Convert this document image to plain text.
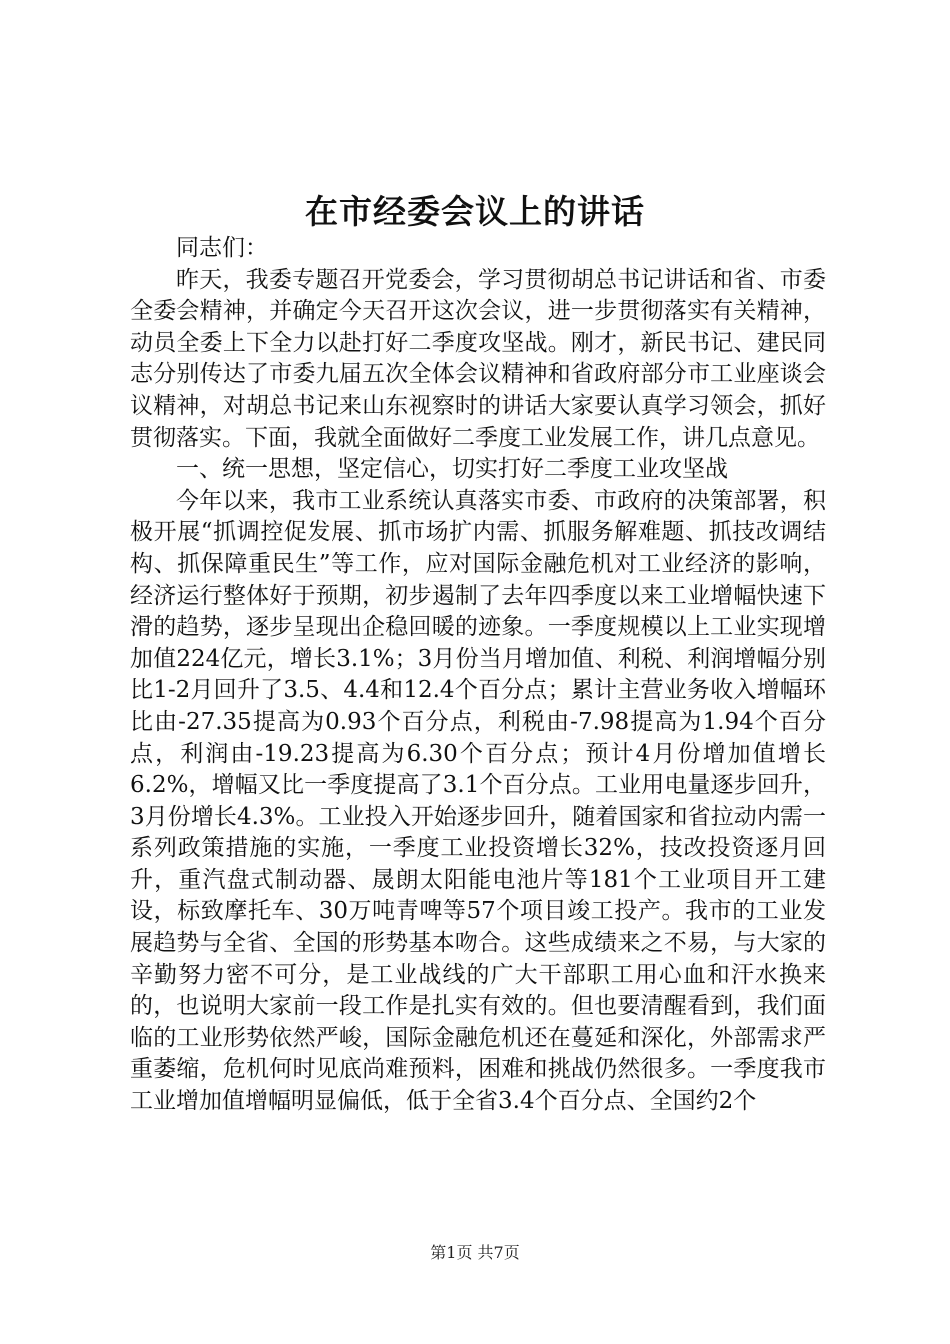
在市经委会议上的讲话

同志们：

昨天，我委专题召开党委会，学习贯彻胡总书记讲话和省、市委全委会精神，并确定今天召开这次会议，进一步贯彻落实有关精神，动员全委上下全力以赴打好二季度攻坚战。刚才，新民书记、建民同志分别传达了市委九届五次全体会议精神和省政府部分市工业座谈会议精神，对胡总书记来山东视察时的讲话大家要认真学习领会，抓好贯彻落实。下面，我就全面做好二季度工业发展工作，讲几点意见。

一、统一思想，坚定信心，切实打好二季度工业攻坚战

今年以来，我市工业系统认真落实市委、市政府的决策部署，积极开展“抓调控促发展、抓市场扩内需、抓服务解难题、抓技改调结构、抓保障重民生”等工作，应对国际金融危机对工业经济的影响，经济运行整体好于预期，初步遏制了去年四季度以来工业增幅快速下滑的趋势，逐步呈现出企稳回暖的迹象。一季度规模以上工业实现增加值224亿元，增长3.1%；3月份当月增加值、利税、利润增幅分别比1-2月回升了3.5、4.4和12.4个百分点；累计主营业务收入增幅环比由-27.35提高为0.93个百分点，利税由-7.98提高为1.94个百分点，利润由-19.23提高为6.30个百分点；预计4月份增加值增长6.2%，增幅又比一季度提高了3.1个百分点。工业用电量逐步回升，3月份增长4.3%。工业投入开始逐步回升，随着国家和省拉动内需一系列政策措施的实施，一季度工业投资增长32%，技改投资逐月回升，重汽盘式制动器、晟朗太阳能电池片等181个工业项目开工建设，标致摩托车、30万吨青啤等57个项目竣工投产。我市的工业发展趋势与全省、全国的形势基本吻合。这些成绩来之不易，与大家的辛勤努力密不可分，是工业战线的广大干部职工用心血和汗水换来的，也说明大家前一段工作是扎实有效的。但也要清醒看到，我们面临的工业形势依然严峻，国际金融危机还在蔓延和深化，外部需求严重萎缩，危机何时见底尚难预料，困难和挑战仍然很多。一季度我市工业增加值增幅明显偏低，低于全省3.4个百分点、全国约2个

第1页 共7页
